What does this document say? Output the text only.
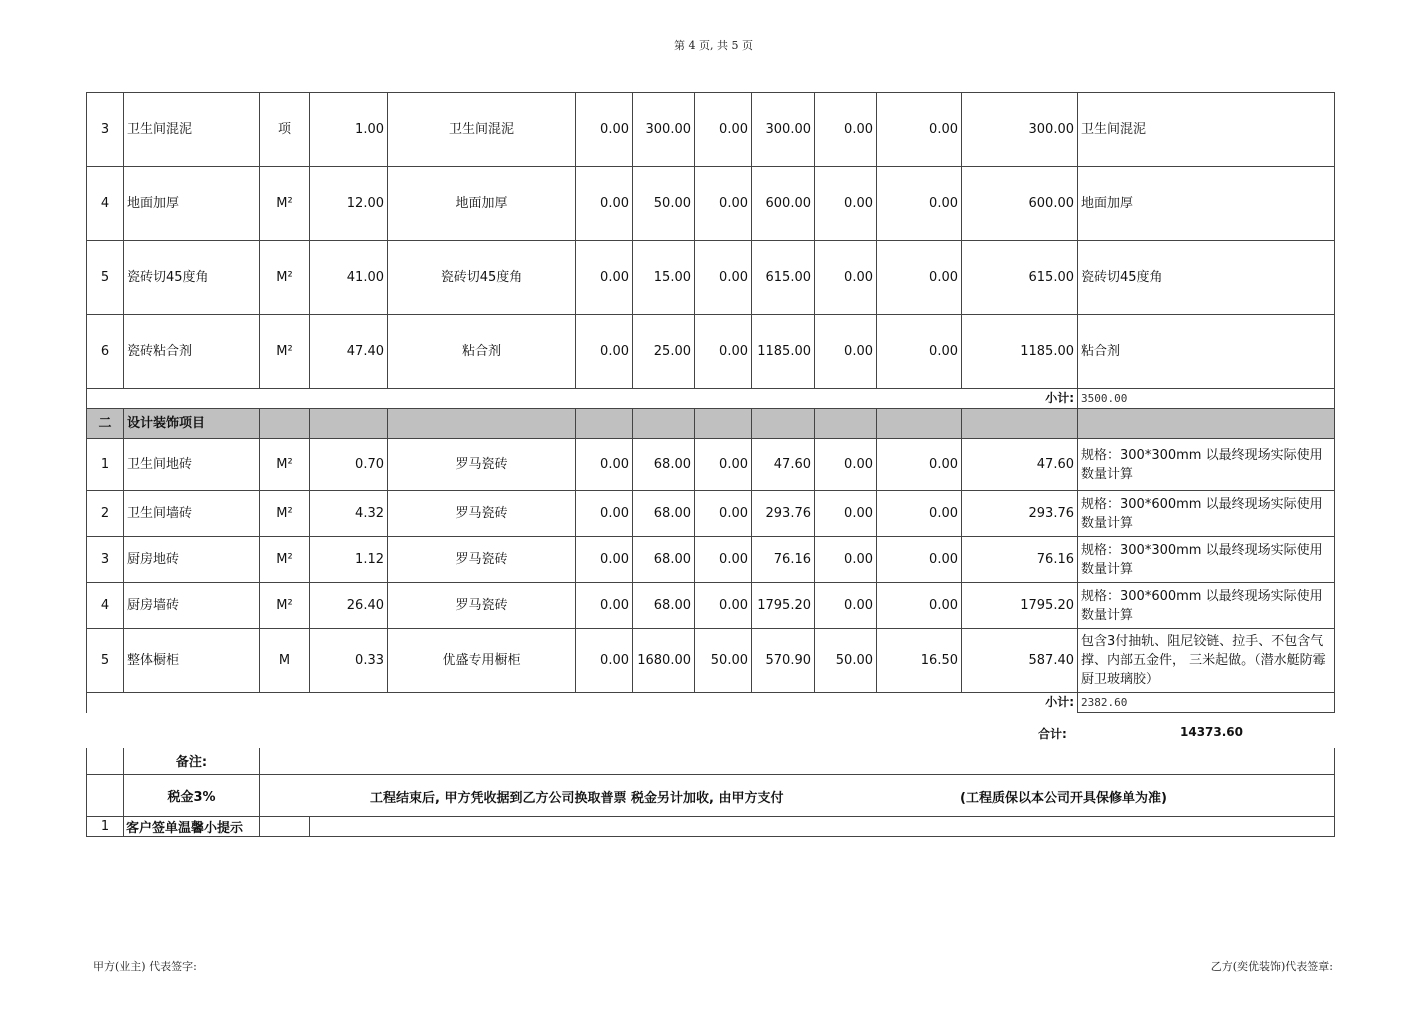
第 4 页, 共 5 页
3	卫生间混泥	项	1.00	卫生间混泥	0.00	300.00	0.00	300.00	0.00	0.00	300.00	卫生间混泥
4	地面加厚	M²	12.00	地面加厚	0.00	50.00	0.00	600.00	0.00	0.00	600.00	地面加厚
5	瓷砖切45度角	M²	41.00	瓷砖切45度角	0.00	15.00	0.00	615.00	0.00	0.00	615.00	瓷砖切45度角
6	瓷砖粘合剂	M²	47.40	粘合剂	0.00	25.00	0.00	1185.00	0.00	0.00	1185.00	粘合剂
											小计:	3500.00
二	设计装饰项目											
1	卫生间地砖	M²	0.70	罗马瓷砖	0.00	68.00	0.00	47.60	0.00	0.00	47.60	规格：300*300mm 以最终现场实际使用数量计算
2	卫生间墙砖	M²	4.32	罗马瓷砖	0.00	68.00	0.00	293.76	0.00	0.00	293.76	规格：300*600mm 以最终现场实际使用数量计算
3	厨房地砖	M²	1.12	罗马瓷砖	0.00	68.00	0.00	76.16	0.00	0.00	76.16	规格：300*300mm 以最终现场实际使用数量计算
4	厨房墙砖	M²	26.40	罗马瓷砖	0.00	68.00	0.00	1795.20	0.00	0.00	1795.20	规格：300*600mm 以最终现场实际使用数量计算
5	整体橱柜	M	0.33	优盛专用橱柜	0.00	1680.00	50.00	570.90	50.00	16.50	587.40	包含3付抽轨、阻尼铰链、拉手、不包含气撑、内部五金件， 三米起做。（潜水艇防霉厨卫玻璃胶）
											小计:	2382.60
合计:	14373.60
	备注:		
	税金3%	工程结束后, 甲方凭收据到乙方公司换取普票 税金另计加收, 由甲方支付 (工程质保以本公司开具保修单为准)	

1	客户签单温馨小提示		
甲方(业主) 代表签字:	乙方(奕优装饰)代表签章:
